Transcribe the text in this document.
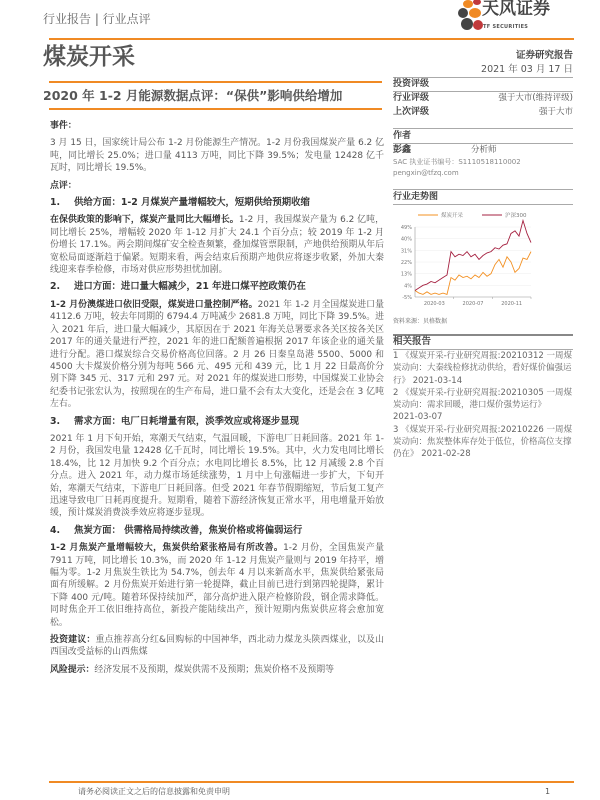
行业报告 | 行业点评	天风证券
TF SECURITIES
煤炭开采
2020 年 1-2 月能源数据点评：“保供”影响供给增加

事件：

3 月 15 日，国家统计局公布 1-2 月份能源生产情况。1-2 月份我国煤炭产量 6.2 亿吨，同比增长 25.0%；进口量 4113 万吨，同比下降 39.5%；发电量 12428 亿千瓦时，同比增长 19.5%。

点评：

1. 供给方面：1-2 月煤炭产量增幅较大，短期供给预期收缩

在保供政策的影响下，煤炭产量同比大幅增长。1-2 月，我国煤炭产量为 6.2 亿吨，同比增长 25%，增幅较 2020 年 1-12 月扩大 24.1 个百分点；较 2019 年 1-2 月份增长 17.1%。两会期间煤矿安全检查频繁，叠加煤管票限制，产地供给预期从年后宽松局面逐渐趋于偏紧。短期来看，两会结束后预期产地供应将逐步收紧，外加大秦线迎来春季检修，市场对供应形势担忧加剧。

2. 进口方面：进口量大幅减少，21 年进口煤平控政策仍在

1-2 月份澳煤进口依旧受限，煤炭进口量控制严格。2021 年 1-2 月全国煤炭进口量 4112.6 万吨，较去年同期的 6794.4 万吨减少 2681.8 万吨，同比下降 39.5%。进入 2021 年后，进口量大幅减少，其原因在于 2021 年海关总署要求各关区按各关区 2017 年的通关量进行严控，2021 年的进口配额普遍根据 2017 年该企业的通关量进行分配。港口煤炭综合交易价格高位回落。2 月 26 日秦皇岛港 5500、5000 和 4500 大卡煤炭价格分别为每吨 566 元、495 元和 439 元，比 1 月 22 日最高价分别下降 345 元、317 元和 297 元。对 2021 年的煤炭进口形势，中国煤炭工业协会纪委书记张宏认为，按照现在的生产布局，进口量不会有太大变化，还是会在 3 亿吨左右。

3. 需求方面：电厂日耗增量有限，淡季效应或将逐步显现

2021 年 1 月下旬开始，寒潮天气结束，气温回暖，下游电厂日耗回落。2021 年 1-2 月份，我国发电量 12428 亿千瓦时，同比增长 19.5%。其中，火力发电同比增长 18.4%，比 12 月加快 9.2 个百分点；水电同比增长 8.5%，比 12 月减缓 2.8 个百分点。进入 2021 年，动力煤市场延续涨势，1 月中上旬涨幅进一步扩大，下旬开始，寒潮天气结束，下游电厂日耗回落。但受 2021 年春节假期缩短，节后复工复产迅速导致电厂日耗再度提升。短期看，随着下游经济恢复正常水平，用电增量开始放缓，预计煤炭消费淡季效应将逐步显现。

4. 焦炭方面： 供需格局持续改善，焦炭价格或将偏弱运行

1-2 月焦炭产量增幅较大，焦炭供给紧张格局有所改善。1-2 月份，全国焦炭产量 7911 万吨，同比增长 10.3%，而 2020 年 1-12 月焦炭产量则与 2019 年持平，增幅为零。1-2 月焦炭生铁比为 54.7%，创去年 4 月以来新高水平，焦炭供给紧张局面有所缓解。2 月份焦炭开始进行第一轮提降，截止目前已进行到第四轮提降，累计下降 400 元/吨。随着环保持续加严，部分高炉进入限产检修阶段，钢企需求降低。同时焦企开工依旧维持高位，新投产能陆续出产，预计短期内焦炭供应将会愈加宽松。

投资建议：重点推荐高分红&回购标的中国神华，西北动力煤龙头陕西煤业，以及山西国改受益标的山西焦煤

风险提示：经济发展不及预期，煤炭供需不及预期；焦炭价格不及预期等

证券研究报告
2021 年 03 月 17 日
投资评级
行业评级	强于大市(维持评级)
上次评级	强于大市
作者
彭鑫	分析师
SAC 执业证书编号：S1110518110002
pengxin@tfzq.com
行业走势图
49%
40%
31%
22%
13%
4%
-5%
2020-03	2020-07	2020-11
煤炭开采	沪深300
资料来源：贝格数据
相关报告
1 《煤炭开采-行业研究周报:20210312 一周煤炭动向：大秦线检修扰动供给，看好煤价偏强运行》 2021-03-14
2 《煤炭开采-行业研究周报:20210305 一周煤炭动向：需求回暖，港口煤价强势运行》 2021-03-07
3 《煤炭开采-行业研究周报:20210226 一周煤炭动向：焦炭整体库存处于低位，价格高位支撑仍在》 2021-02-28
请务必阅读正文之后的信息披露和免责申明	1
